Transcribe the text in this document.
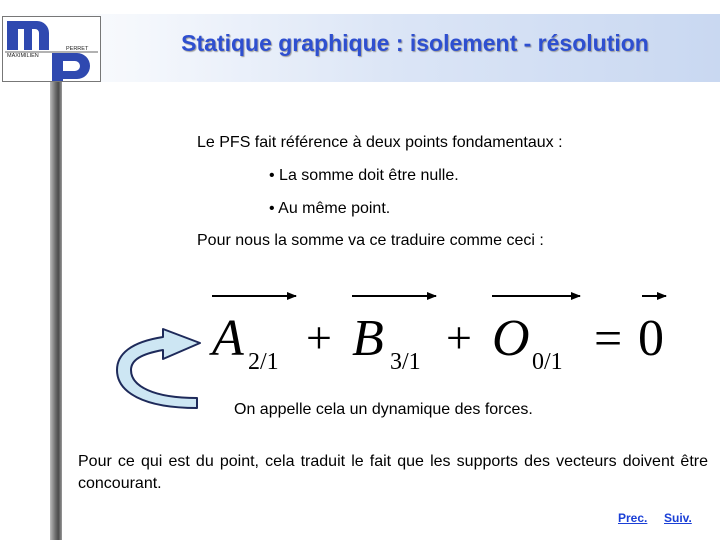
MAXIMILIEN
PERRET	Statique graphique : isolement - résolution
Le PFS fait référence à deux points fondamentaux :
• La somme doit être nulle.
• Au même point.
Pour nous la somme va ce traduire comme ceci :
A 2/1 + B 3/1 + O 0/1 = 0
On appelle cela un dynamique des forces.
Pour ce qui est du point, cela traduit le fait que les supports des vecteurs doivent être concourant.
Prec. Suiv.
